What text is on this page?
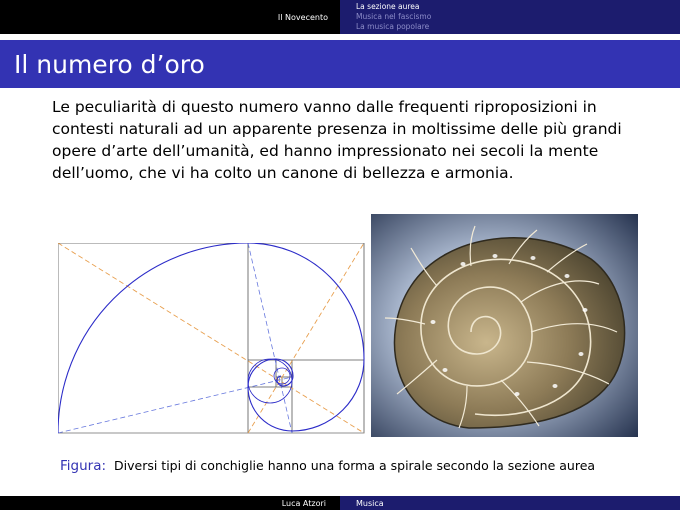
Il Novecento
La sezione aurea
Musica nel fascismo
La musica popolare
Il numero d’oro

Le peculiarità di questo numero vanno dalle frequenti riproposizioni in contesti naturali ad un apparente presenza in moltissime delle più grandi opere d’arte dell’umanità, ed hanno impressionato nei secoli la mente dell’uomo, che vi ha colto un canone di bellezza e armonia.

Figura: Diversi tipi di conchiglie hanno una forma a spirale secondo la sezione aurea
Luca Atzori	Musica
